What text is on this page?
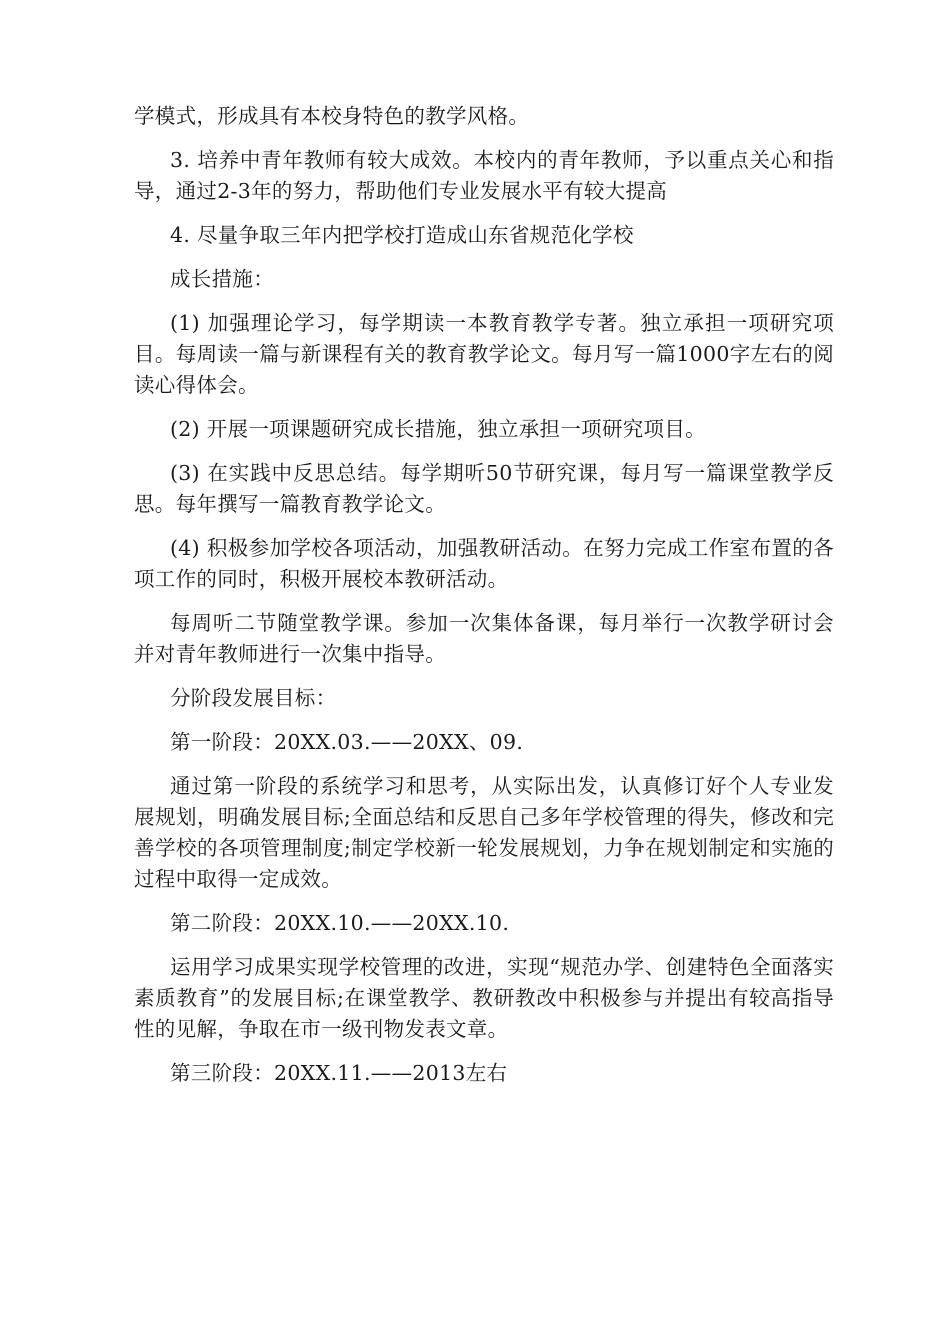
学模式，形成具有本校身特色的教学风格。

3. 培养中青年教师有较大成效。本校内的青年教师，予以重点关心和指导，通过2-3年的努力，帮助他们专业发展水平有较大提高

4. 尽量争取三年内把学校打造成山东省规范化学校

成长措施：

(1) 加强理论学习，每学期读一本教育教学专著。独立承担一项研究项目。每周读一篇与新课程有关的教育教学论文。每月写一篇1000字左右的阅读心得体会。

(2) 开展一项课题研究成长措施，独立承担一项研究项目。

(3) 在实践中反思总结。每学期听50节研究课，每月写一篇课堂教学反思。每年撰写一篇教育教学论文。

(4) 积极参加学校各项活动，加强教研活动。在努力完成工作室布置的各项工作的同时，积极开展校本教研活动。

每周听二节随堂教学课。参加一次集体备课，每月举行一次教学研讨会并对青年教师进行一次集中指导。

分阶段发展目标：

第一阶段：20XX.03.——20XX、09.

通过第一阶段的系统学习和思考，从实际出发，认真修订好个人专业发展规划，明确发展目标;全面总结和反思自己多年学校管理的得失，修改和完善学校的各项管理制度;制定学校新一轮发展规划，力争在规划制定和实施的过程中取得一定成效。

第二阶段：20XX.10.——20XX.10.

运用学习成果实现学校管理的改进，实现“规范办学、创建特色全面落实素质教育”的发展目标;在课堂教学、教研教改中积极参与并提出有较高指导性的见解，争取在市一级刊物发表文章。

第三阶段：20XX.11.——2013左右
